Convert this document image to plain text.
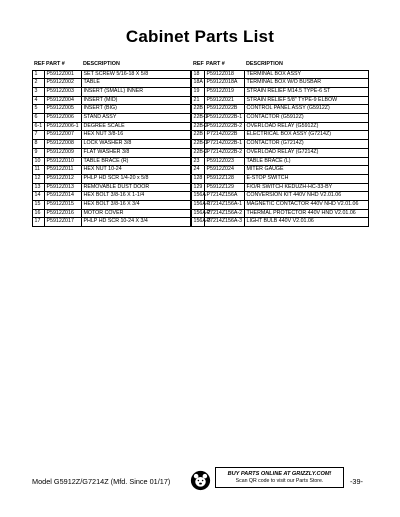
Cabinet Parts List
REF	PART #	DESCRIPTION
1	P5912Z001	SET SCREW 5/16-18 X 5/8
2	P5912Z002	TABLE
3	P5912Z003	INSERT (SMALL) INNER
4	P5912Z004	INSERT (MID)
5	P5912Z005	INSERT (BIG)
6	P5912Z006	STAND ASSY
6-1	P5912Z006-1	DEGREE SCALE
7	P5912Z007	HEX NUT 3/8-16
8	P5912Z008	LOCK WASHER 3/8
9	P5912Z009	FLAT WASHER 3/8
10	P5912Z010	TABLE BRACE (R)
11	P5912Z011	HEX NUT 10-24
12	P5912Z012	PHLP HD SCR 1/4-20 x 5/8
13	P5912Z013	REMOVABLE DUST DOOR
14	P5912Z014	HEX BOLT 3/8-16 X 1-1/4
15	P5912Z015	HEX BOLT 3/8-16 X 3/4
16	P5912Z016	MOTOR COVER
17	P5912Z017	PHLP HD SCR 10-24 X 3/4
REF	PART #	DESCRIPTION
18	P5912Z018	TERMINAL BOX ASSY
18A	P5912Z018A	TERMINAL BOX W/O BUSBAR
19	P5912Z019	STRAIN RELIEF M14.5 TYPE-6 ST
21	P5912Z021	STRAIN RELIEF 5/8" TYPE-9 ELBOW
22B	P5912Z022B	CONTROL PANEL ASSY (G5912Z)
22B-1	P5912Z022B-1	CONTACTOR (G5912Z)
22B-2	P5912Z022B-2	OVERLOAD RELAY (G5912Z)
22B	P7214Z022B	ELECTRICAL BOX ASSY (G7214Z)
22B-1	P7214Z022B-1	CONTACTOR (G7214Z)
22B-2	P7214Z022B-2	OVERLOAD RELAY (G7214Z)
23	P5912Z023	TABLE BRACE (L)
24	P5912Z024	MITER GAUGE
128	P5912Z128	E-STOP SWITCH
129	P5912Z129	F/O/R SWITCH KEDUZH-HC-33-BY
156A	P7214Z156A	CONVERSION KIT 440V NHD V2.01.06
156A-1	P7214Z156A-1	MAGNETIC CONTACTOR 440V NHD V2.01.06
156A-2	P7214Z156A-2	THERMAL PROTECTOR 440V HND V2.01.06
156A-3	P7214Z156A-3	LIGHT BULB 440V V2.01.06
Model G5912Z/G7214Z (Mfd. Since 01/17)
BUY PARTS ONLINE AT GRIZZLY.COM!
Scan QR code to visit our Parts Store.	-39-
